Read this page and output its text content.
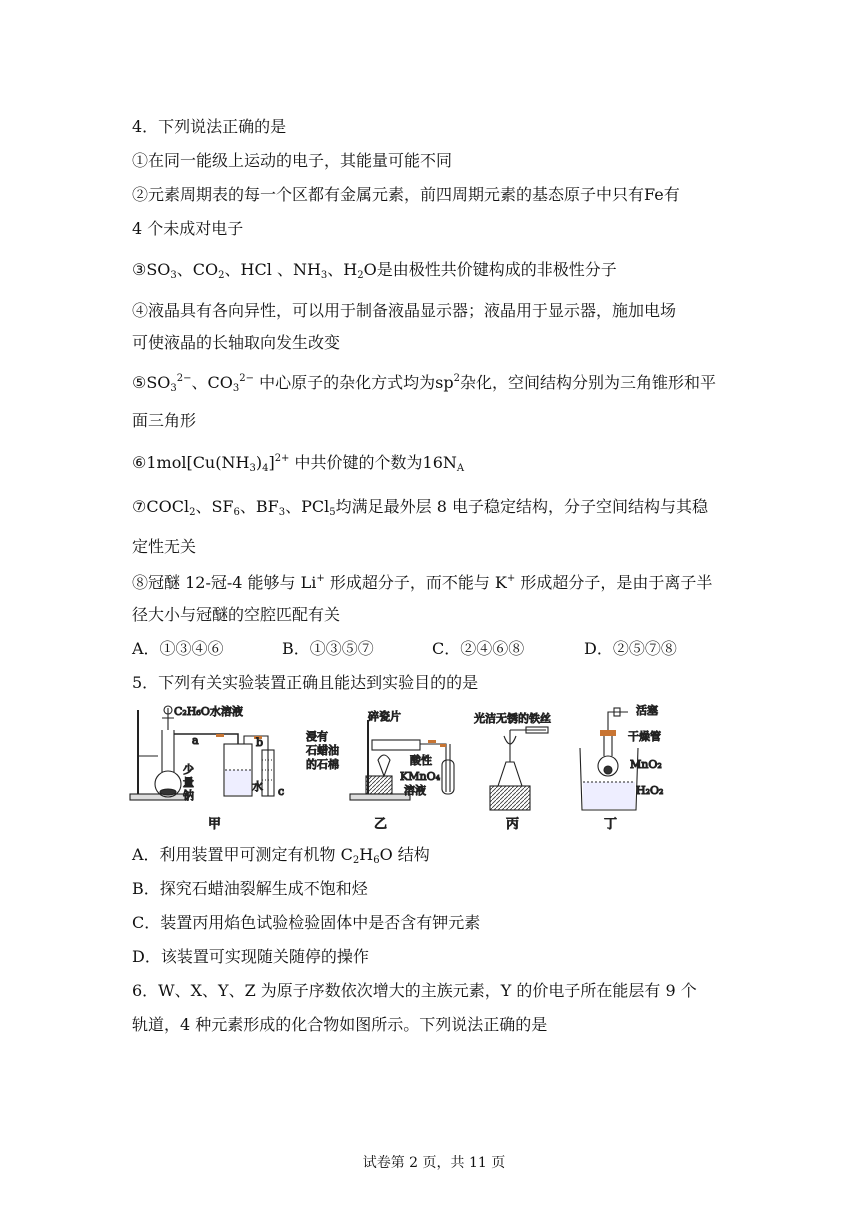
4．下列说法正确的是
①在同一能级上运动的电子，其能量可能不同
②元素周期表的每一个区都有金属元素，前四周期元素的基态原子中只有Fe有
4 个未成对电子
$③SO_3$、$CO_2$、HCl 、$NH_3$、$H_2O$是由极性共价键构成的非极性分子
④液晶具有各向异性，可以用于制备液晶显示器；液晶用于显示器，施加电场
可使液晶的长轴取向发生改变
$⑤SO_3^{2-}$、$CO_3^{2-}$ 中心原子的杂化方式均为$sp^2$杂化，空间结构分别为三角锥形和平
面三角形
$⑥1mol[Cu(NH_3)_4]^{2+}$ 中共价键的个数为$16N_A$
⑦COCl$_2$、$SF_6$、$BF_3$、PCl$_5$均满足最外层 8 电子稳定结构，分子空间结构与其稳
定性无关
⑧冠醚 12-冠-4 能够与 Li+ 形成超分子，而不能与 K+ 形成超分子，是由于离子半
径大小与冠醚的空腔匹配有关
A．①③④⑥	B．①③⑤⑦	C．②④⑥⑧	D．②⑤⑦⑧
5．下列有关实验装置正确且能达到实验目的的是
C₂H₆O水溶液
a	b
c
少
量
钠
水
甲
浸有
石蜡油
的石棉
碎瓷片
酸性
KMnO₄
溶液
乙
光洁无锈的铁丝
丙
活塞
干燥管
MnO₂
H₂O₂
丁
A．利用装置甲可测定有机物 $C_2H_6O$ 结构
B．探究石蜡油裂解生成不饱和烃
C．装置丙用焰色试验检验固体中是否含有钾元素
D．该装置可实现随关随停的操作
6．W、X、Y、Z 为原子序数依次增大的主族元素，Y 的价电子所在能层有 9 个
轨道，4 种元素形成的化合物如图所示。下列说法正确的是
试卷第 2 页，共 11 页
